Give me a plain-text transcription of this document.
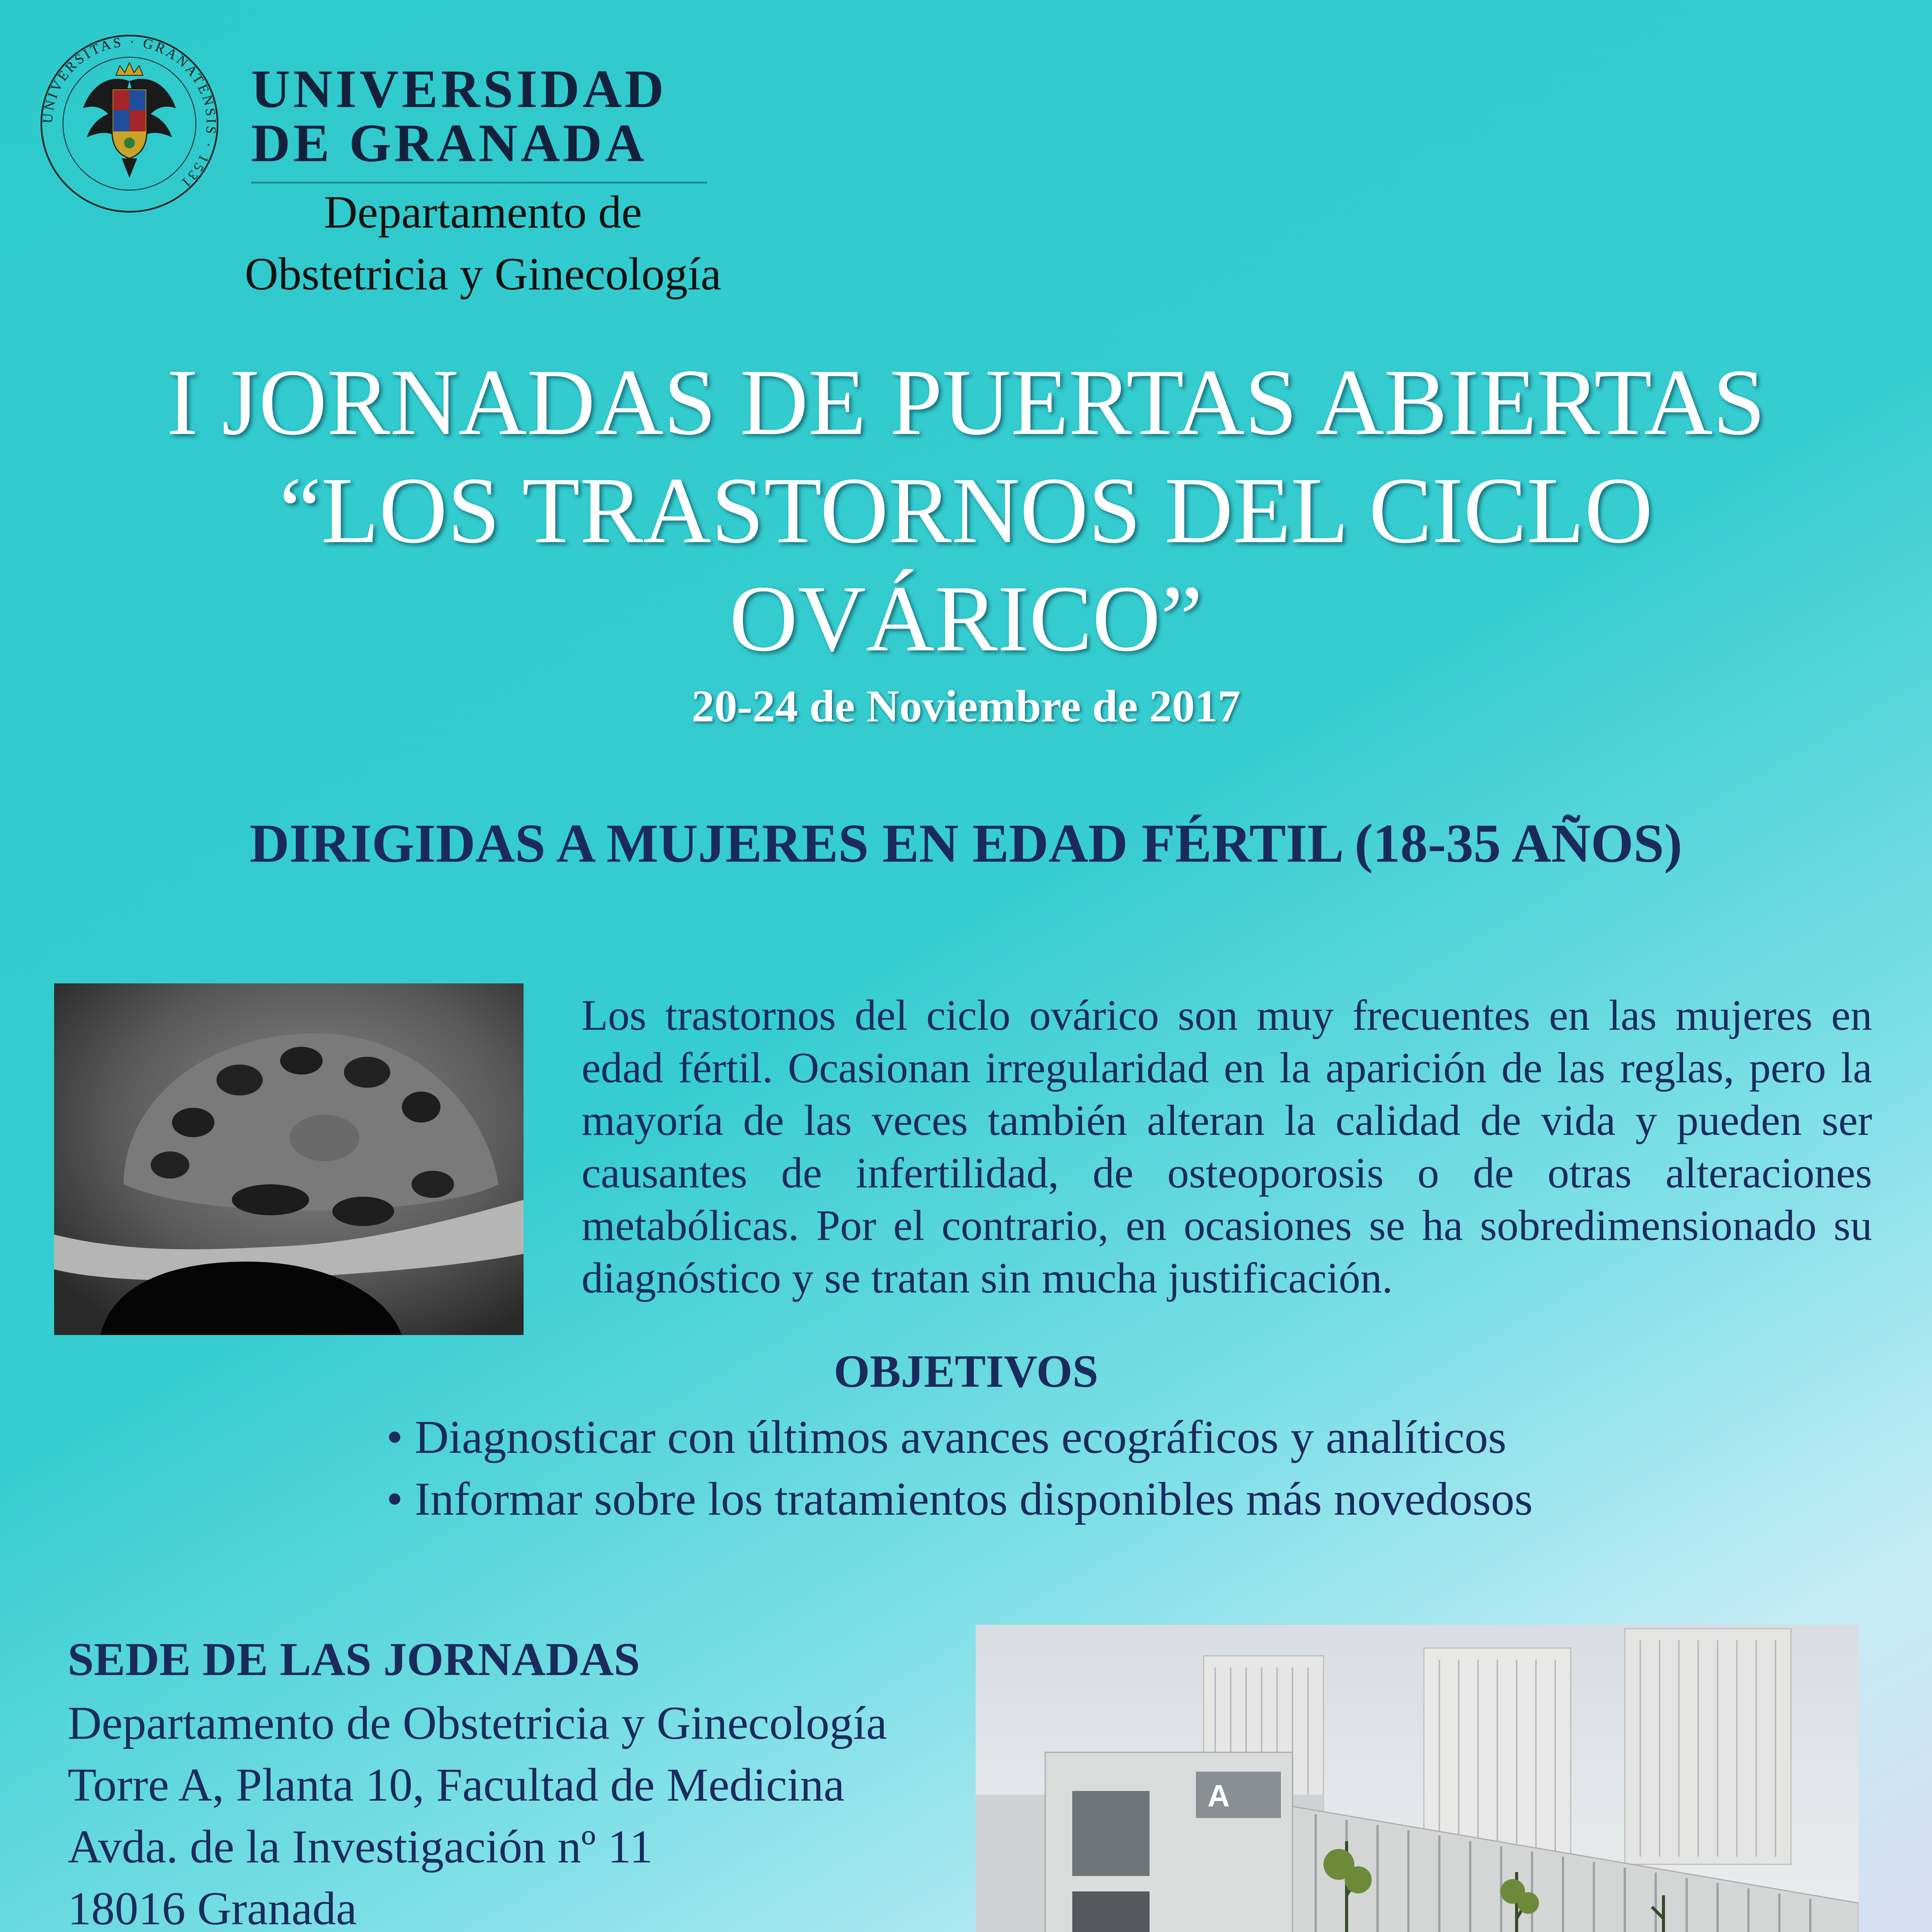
UNIVERSITAS · GRANATENSIS · 1531
UNIVERSIDAD
DE GRANADA
Departamento de
Obstetricia y Ginecología
I JORNADAS DE PUERTAS ABIERTAS
“LOS TRASTORNOS DEL CICLO
OVÁRICO”
20-24 de Noviembre de 2017
DIRIGIDAS A MUJERES EN EDAD FÉRTIL (18-35 AÑOS)
Los trastornos del ciclo ovárico son muy frecuentes en las mujeres en edad fértil. Ocasionan irregularidad en la aparición de las reglas, pero la mayoría de las veces también alteran la calidad de vida y pueden ser causantes de infertilidad, de osteoporosis o de otras alteraciones metabólicas. Por el contrario, en ocasiones se ha sobredimensionado su diagnóstico y se tratan sin mucha justificación.
OBJETIVOS
• Diagnosticar con últimos avances ecográficos y analíticos
• Informar sobre los tratamientos disponibles más novedosos
SEDE DE LAS JORNADAS
Departamento de Obstetricia y Ginecología
Torre A, Planta 10, Facultad de Medicina
Avda. de la Investigación nº 11
18016 Granada
A
